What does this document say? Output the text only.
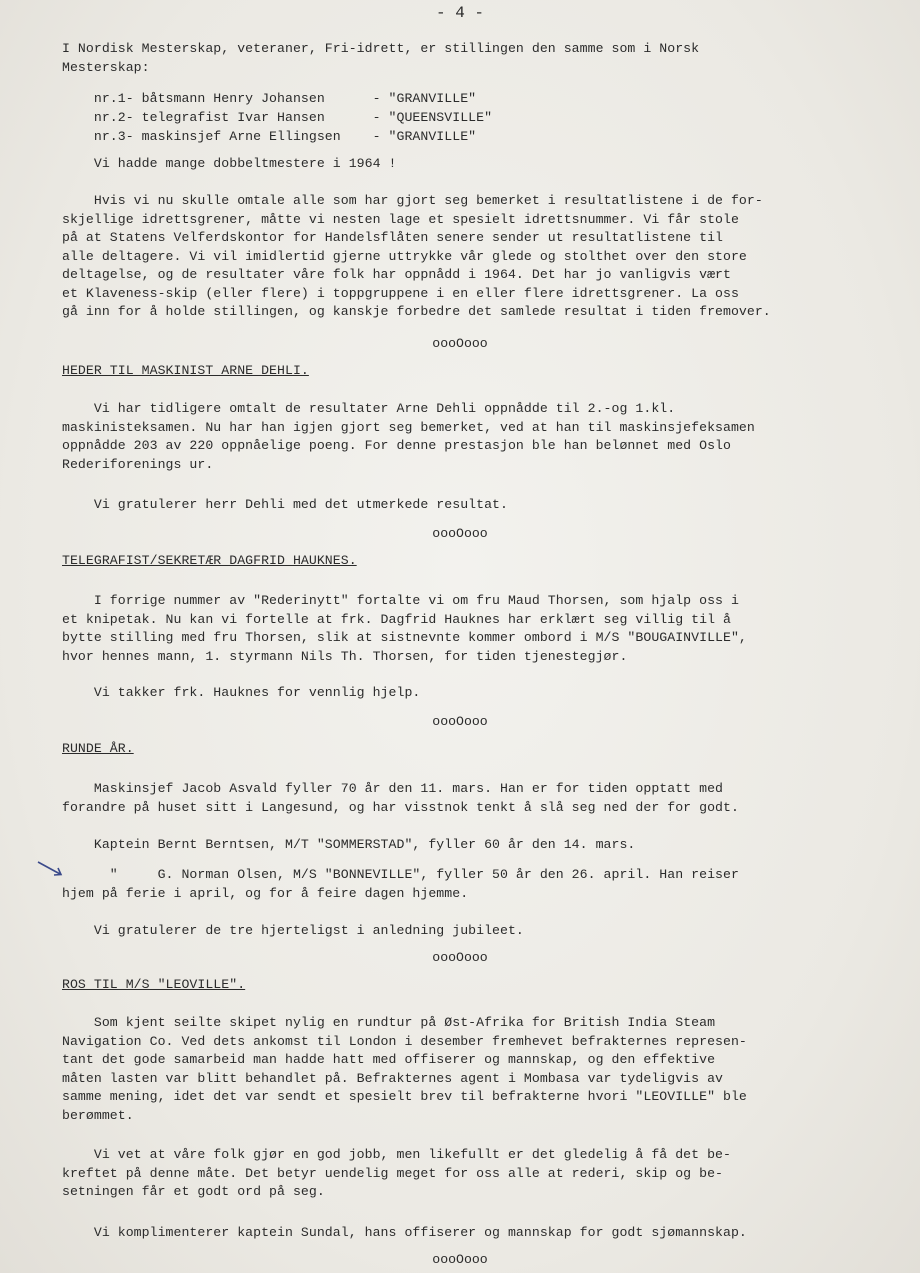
- 4 -
I Nordisk Mesterskap, veteraner, Fri-idrett, er stillingen den samme som i Norsk
Mesterskap:
nr.1- båtsmann Henry Johansen      - "GRANVILLE"
nr.2- telegrafist Ivar Hansen      - "QUEENSVILLE"
nr.3- maskinsjef Arne Ellingsen    - "GRANVILLE"
Vi hadde mange dobbeltmestere i 1964 !
Hvis vi nu skulle omtale alle som har gjort seg bemerket i resultatlistene i de for-
skjellige idrettsgrener, måtte vi nesten lage et spesielt idrettsnummer. Vi får stole
på at Statens Velferdskontor for Handelsflåten senere sender ut resultatlistene til
alle deltagere. Vi vil imidlertid gjerne uttrykke vår glede og stolthet over den store
deltagelse, og de resultater våre folk har oppnådd i 1964. Det har jo vanligvis vært
et Klaveness-skip (eller flere) i toppgruppene i en eller flere idrettsgrener. La oss
gå inn for å holde stillingen, og kanskje forbedre det samlede resultat i tiden fremover.
oooOooo
HEDER TIL MASKINIST ARNE DEHLI.
Vi har tidligere omtalt de resultater Arne Dehli oppnådde til 2.-og 1.kl.
maskinisteksamen. Nu har han igjen gjort seg bemerket, ved at han til maskinsjefeksamen
oppnådde 203 av 220 oppnåelige poeng. For denne prestasjon ble han belønnet med Oslo
Rederiforenings ur.
Vi gratulerer herr Dehli med det utmerkede resultat.
oooOooo
TELEGRAFIST/SEKRETÆR DAGFRID HAUKNES.
I forrige nummer av "Rederinytt" fortalte vi om fru Maud Thorsen, som hjalp oss i
et knipetak. Nu kan vi fortelle at frk. Dagfrid Hauknes har erklært seg villig til å
bytte stilling med fru Thorsen, slik at sistnevnte kommer ombord i M/S "BOUGAINVILLE",
hvor hennes mann, 1. styrmann Nils Th. Thorsen, for tiden tjenestegjør.
Vi takker frk. Hauknes for vennlig hjelp.
oooOooo
RUNDE ÅR.
Maskinsjef Jacob Asvald fyller 70 år den 11. mars. Han er for tiden opptatt med
forandre på huset sitt i Langesund, og har visstnok tenkt å slå seg ned der for godt.
Kaptein Bernt Berntsen, M/T "SOMMERSTAD", fyller 60 år den 14. mars.
"     G. Norman Olsen, M/S "BONNEVILLE", fyller 50 år den 26. april. Han reiser
hjem på ferie i april, og for å feire dagen hjemme.
Vi gratulerer de tre hjerteligst i anledning jubileet.
oooOooo
ROS TIL M/S "LEOVILLE".
Som kjent seilte skipet nylig en rundtur på Øst-Afrika for British India Steam
Navigation Co. Ved dets ankomst til London i desember fremhevet befrakternes represen-
tant det gode samarbeid man hadde hatt med offiserer og mannskap, og den effektive
måten lasten var blitt behandlet på. Befrakternes agent i Mombasa var tydeligvis av
samme mening, idet det var sendt et spesielt brev til befrakterne hvori "LEOVILLE" ble
berømmet.
Vi vet at våre folk gjør en god jobb, men likefullt er det gledelig å få det be-
kreftet på denne måte. Det betyr uendelig meget for oss alle at rederi, skip og be-
setningen får et godt ord på seg.
Vi komplimenterer kaptein Sundal, hans offiserer og mannskap for godt sjømannskap.
oooOooo
